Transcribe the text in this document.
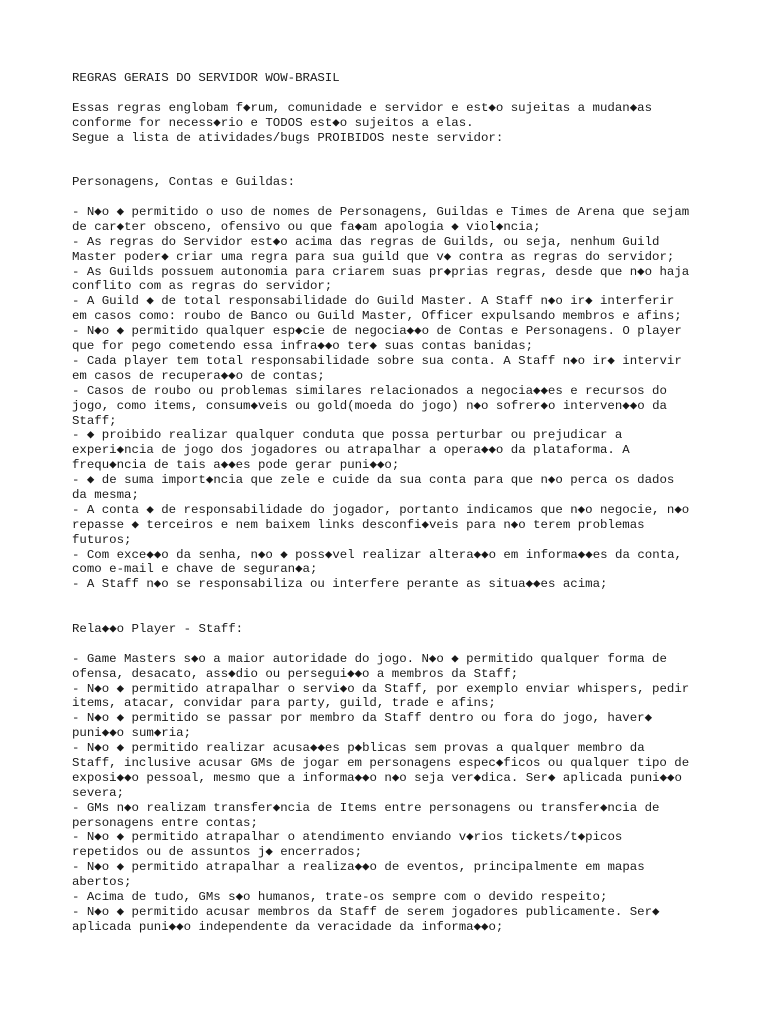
REGRAS GERAIS DO SERVIDOR WOW-BRASIL
Essas regras englobam f◆rum, comunidade e servidor e est◆o sujeitas a mudan◆as
conforme for necess◆rio e TODOS est◆o sujeitos a elas.
Segue a lista de atividades/bugs PROIBIDOS neste servidor:
Personagens, Contas e Guildas:
- N◆o ◆ permitido o uso de nomes de Personagens, Guildas e Times de Arena que sejam
de car◆ter obsceno, ofensivo ou que fa◆am apologia ◆ viol◆ncia;
- As regras do Servidor est◆o acima das regras de Guilds, ou seja, nenhum Guild
Master poder◆ criar uma regra para sua guild que v◆ contra as regras do servidor;
- As Guilds possuem autonomia para criarem suas pr◆prias regras, desde que n◆o haja
conflito com as regras do servidor;
- A Guild ◆ de total responsabilidade do Guild Master. A Staff n◆o ir◆ interferir
em casos como: roubo de Banco ou Guild Master, Officer expulsando membros e afins;
- N◆o ◆ permitido qualquer esp◆cie de negocia◆◆o de Contas e Personagens. O player
que for pego cometendo essa infra◆◆o ter◆ suas contas banidas;
- Cada player tem total responsabilidade sobre sua conta. A Staff n◆o ir◆ intervir
em casos de recupera◆◆o de contas;
- Casos de roubo ou problemas similares relacionados a negocia◆◆es e recursos do
jogo, como items, consum◆veis ou gold(moeda do jogo) n◆o sofrer◆o interven◆◆o da
Staff;
- ◆ proibido realizar qualquer conduta que possa perturbar ou prejudicar a
experi◆ncia de jogo dos jogadores ou atrapalhar a opera◆◆o da plataforma. A
frequ◆ncia de tais a◆◆es pode gerar puni◆◆o;
- ◆ de suma import◆ncia que zele e cuide da sua conta para que n◆o perca os dados
da mesma;
- A conta ◆ de responsabilidade do jogador, portanto indicamos que n◆o negocie, n◆o
repasse ◆ terceiros e nem baixem links desconfi◆veis para n◆o terem problemas
futuros;
- Com exce◆◆o da senha, n◆o ◆ poss◆vel realizar altera◆◆o em informa◆◆es da conta,
como e-mail e chave de seguran◆a;
- A Staff n◆o se responsabiliza ou interfere perante as situa◆◆es acima;
Rela◆◆o Player - Staff:
- Game Masters s◆o a maior autoridade do jogo. N◆o ◆ permitido qualquer forma de
ofensa, desacato, ass◆dio ou persegui◆◆o a membros da Staff;
- N◆o ◆ permitido atrapalhar o servi◆o da Staff, por exemplo enviar whispers, pedir
items, atacar, convidar para party, guild, trade e afins;
- N◆o ◆ permitido se passar por membro da Staff dentro ou fora do jogo, haver◆
puni◆◆o sum◆ria;
- N◆o ◆ permitido realizar acusa◆◆es p◆blicas sem provas a qualquer membro da
Staff, inclusive acusar GMs de jogar em personagens espec◆ficos ou qualquer tipo de
exposi◆◆o pessoal, mesmo que a informa◆◆o n◆o seja ver◆dica. Ser◆ aplicada puni◆◆o
severa;
- GMs n◆o realizam transfer◆ncia de Items entre personagens ou transfer◆ncia de
personagens entre contas;
- N◆o ◆ permitido atrapalhar o atendimento enviando v◆rios tickets/t◆picos
repetidos ou de assuntos j◆ encerrados;
- N◆o ◆ permitido atrapalhar a realiza◆◆o de eventos, principalmente em mapas
abertos;
- Acima de tudo, GMs s◆o humanos, trate-os sempre com o devido respeito;
- N◆o ◆ permitido acusar membros da Staff de serem jogadores publicamente. Ser◆
aplicada puni◆◆o independente da veracidade da informa◆◆o;
